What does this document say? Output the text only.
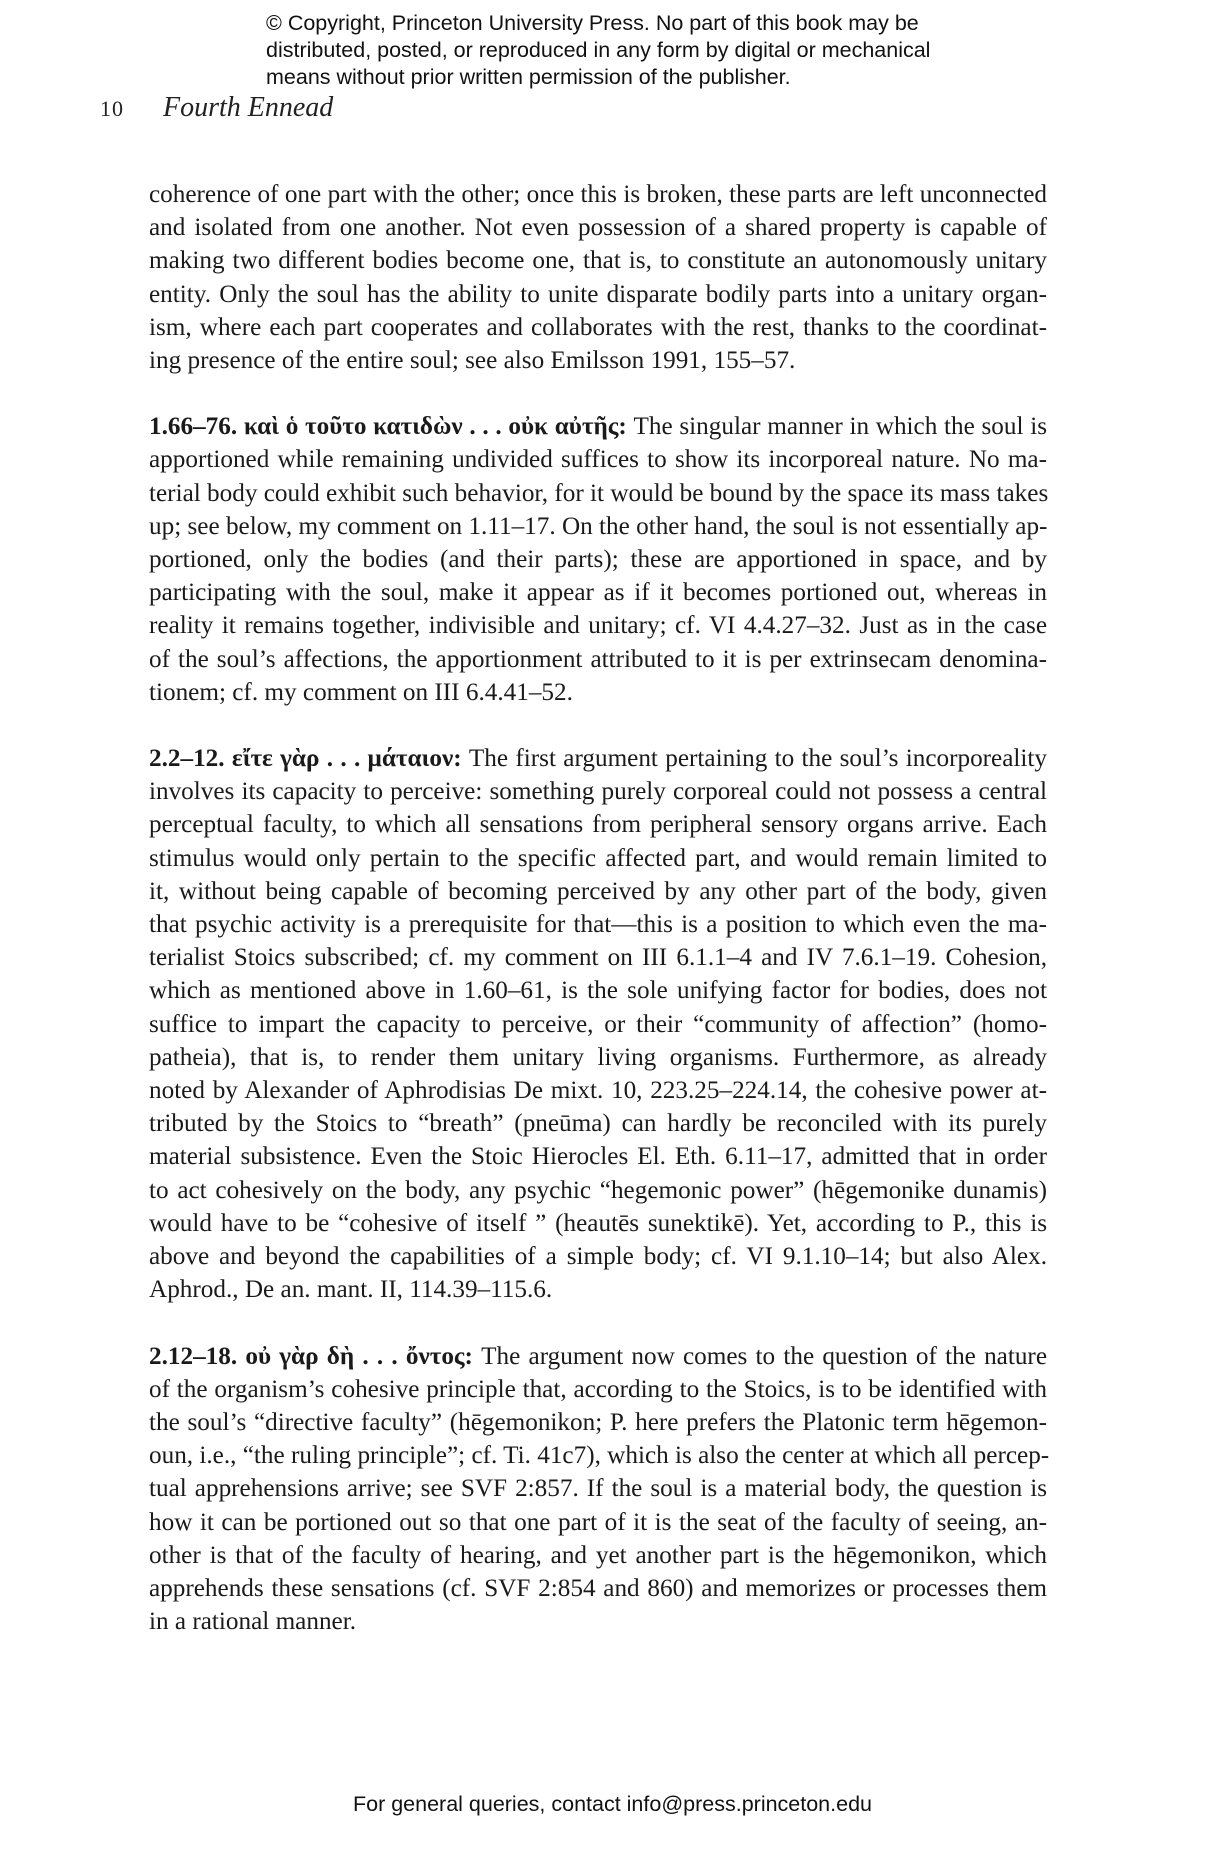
© Copyright, Princeton University Press. No part of this book may be
distributed, posted, or reproduced in any form by digital or mechanical
means without prior written permission of the publisher.
10 Fourth Ennead
coherence of one part with the other; once this is broken, these parts are left unconnected
and isolated from one another. Not even possession of a shared property is capable of
making two different bodies become one, that is, to constitute an autonomously unitary
entity. Only the soul has the ability to unite disparate bodily parts into a unitary organ-
ism, where each part cooperates and collaborates with the rest, thanks to the coordinat-
ing presence of the entire soul; see also Emilsson 1991, 155–57.
1.66–76. καὶ ὁ τοῦτο κατιδὼν . . . οὐκ αὐτῆς: The singular manner in which the soul is
apportioned while remaining undivided suffices to show its incorporeal nature. No ma-
terial body could exhibit such behavior, for it would be bound by the space its mass takes
up; see below, my comment on 1.11–17. On the other hand, the soul is not essentially ap-
portioned, only the bodies (and their parts); these are apportioned in space, and by
participating with the soul, make it appear as if it becomes portioned out, whereas in
reality it remains together, indivisible and unitary; cf. VI 4.4.27–32. Just as in the case
of the soul’s affections, the apportionment attributed to it is per extrinsecam denomina-
tionem; cf. my comment on III 6.4.41–52.
2.2–12. εἴτε γὰρ . . . μάταιον: The first argument pertaining to the soul’s incorporeality
involves its capacity to perceive: something purely corporeal could not possess a central
perceptual faculty, to which all sensations from peripheral sensory organs arrive. Each
stimulus would only pertain to the specific affected part, and would remain limited to
it, without being capable of becoming perceived by any other part of the body, given
that psychic activity is a prerequisite for that—this is a position to which even the ma-
terialist Stoics subscribed; cf. my comment on III 6.1.1–4 and IV 7.6.1–19. Cohesion,
which as mentioned above in 1.60–61, is the sole unifying factor for bodies, does not
suffice to impart the capacity to perceive, or their “community of affection” (homo-
patheia), that is, to render them unitary living organisms. Furthermore, as already
noted by Alexander of Aphrodisias De mixt. 10, 223.25–224.14, the cohesive power at-
tributed by the Stoics to “breath” (pneūma) can hardly be reconciled with its purely
material subsistence. Even the Stoic Hierocles El. Eth. 6.11–17, admitted that in order
to act cohesively on the body, any psychic “hegemonic power” (hēgemonike dunamis)
would have to be “cohesive of itself ” (heautēs sunektikē). Yet, according to P., this is
above and beyond the capabilities of a simple body; cf. VI 9.1.10–14; but also Alex.
Aphrod., De an. mant. II, 114.39–115.6.
2.12–18. οὐ γὰρ δὴ . . . ὄντος: The argument now comes to the question of the nature
of the organism’s cohesive principle that, according to the Stoics, is to be identified with
the soul’s “directive faculty” (hēgemonikon; P. here prefers the Platonic term hēgemon-
oun, i.e., “the ruling principle”; cf. Ti. 41c7), which is also the center at which all percep-
tual apprehensions arrive; see SVF 2:857. If the soul is a material body, the question is
how it can be portioned out so that one part of it is the seat of the faculty of seeing, an-
other is that of the faculty of hearing, and yet another part is the hēgemonikon, which
apprehends these sensations (cf. SVF 2:854 and 860) and memorizes or processes them
in a rational manner.
For general queries, contact info@press.princeton.edu
